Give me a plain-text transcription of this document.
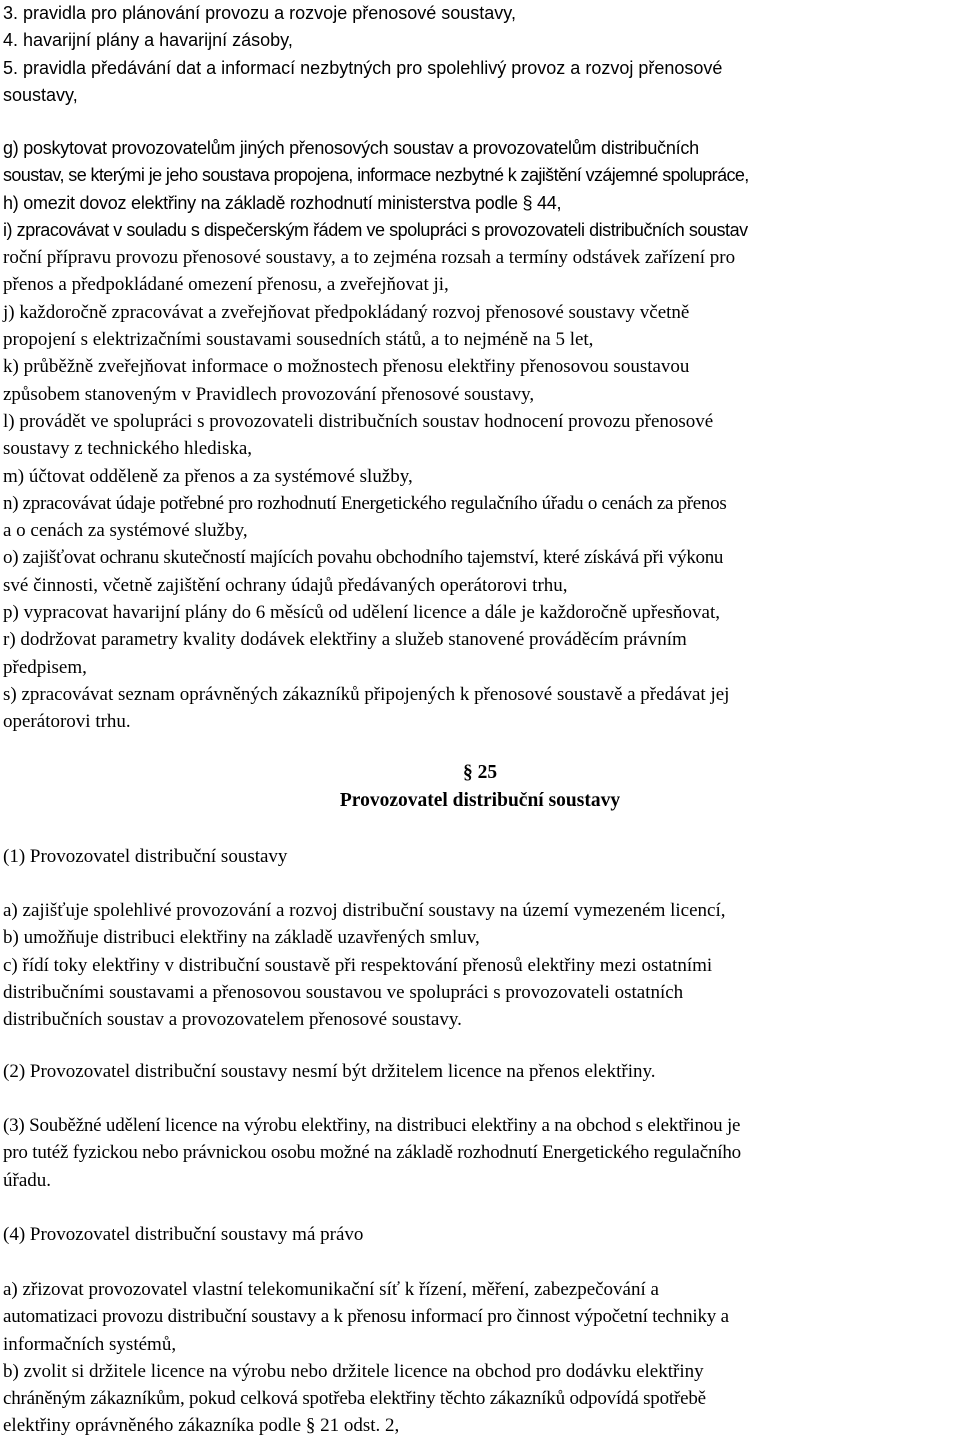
3. pravidla pro plánování provozu a rozvoje přenosové soustavy,

4. havarijní plány a havarijní zásoby,

5. pravidla předávání dat a informací nezbytných pro spolehlivý provoz a rozvoj přenosové

soustavy,

g) poskytovat provozovatelům jiných přenosových soustav a provozovatelům distribučních

soustav, se kterými je jeho soustava propojena, informace nezbytné k zajištění vzájemné spolupráce,

h) omezit dovoz elektřiny na základě rozhodnutí ministerstva podle § 44,

i) zpracovávat v souladu s dispečerským řádem ve spolupráci s provozovateli distribučních soustav

roční přípravu provozu přenosové soustavy, a to zejména rozsah a termíny odstávek zařízení pro

přenos a předpokládané omezení přenosu, a zveřejňovat ji,

j) každoročně zpracovávat a zveřejňovat předpokládaný rozvoj přenosové soustavy včetně

propojení s elektrizačními soustavami sousedních států, a to nejméně na 5 let,

k) průběžně zveřejňovat informace o možnostech přenosu elektřiny přenosovou soustavou

způsobem stanoveným v Pravidlech provozování přenosové soustavy,

l) provádět ve spolupráci s provozovateli distribučních soustav hodnocení provozu přenosové

soustavy z technického hlediska,

m) účtovat odděleně za přenos a za systémové služby,

n) zpracovávat údaje potřebné pro rozhodnutí Energetického regulačního úřadu o cenách za přenos

a o cenách za systémové služby,

o) zajišťovat ochranu skutečností majících povahu obchodního tajemství, které získává při výkonu

své činnosti, včetně zajištění ochrany údajů předávaných operátorovi trhu,

p) vypracovat havarijní plány do 6 měsíců od udělení licence a dále je každoročně upřesňovat,

r) dodržovat parametry kvality dodávek elektřiny a služeb stanovené prováděcím právním

předpisem,

s) zpracovávat seznam oprávněných zákazníků připojených k přenosové soustavě a předávat jej

operátorovi trhu.

§ 25
Provozovatel distribuční soustavy

(1) Provozovatel distribuční soustavy

a) zajišťuje spolehlivé provozování a rozvoj distribuční soustavy na území vymezeném licencí,

b) umožňuje distribuci elektřiny na základě uzavřených smluv,

c) řídí toky elektřiny v distribuční soustavě při respektování přenosů elektřiny mezi ostatními

distribučními soustavami a přenosovou soustavou ve spolupráci s provozovateli ostatních

distribučních soustav a provozovatelem přenosové soustavy.

(2) Provozovatel distribuční soustavy nesmí být držitelem licence na přenos elektřiny.

(3) Souběžné udělení licence na výrobu elektřiny, na distribuci elektřiny a na obchod s elektřinou je

pro tutéž fyzickou nebo právnickou osobu možné na základě rozhodnutí Energetického regulačního

úřadu.

(4) Provozovatel distribuční soustavy má právo

a) zřizovat provozovatel vlastní telekomunikační síť k řízení, měření, zabezpečování a

automatizaci provozu distribuční soustavy a k přenosu informací pro činnost výpočetní techniky a

informačních systémů,

b) zvolit si držitele licence na výrobu nebo držitele licence na obchod pro dodávku elektřiny

chráněným zákazníkům, pokud celková spotřeba elektřiny těchto zákazníků odpovídá spotřebě

elektřiny oprávněného zákazníka podle § 21 odst. 2,
